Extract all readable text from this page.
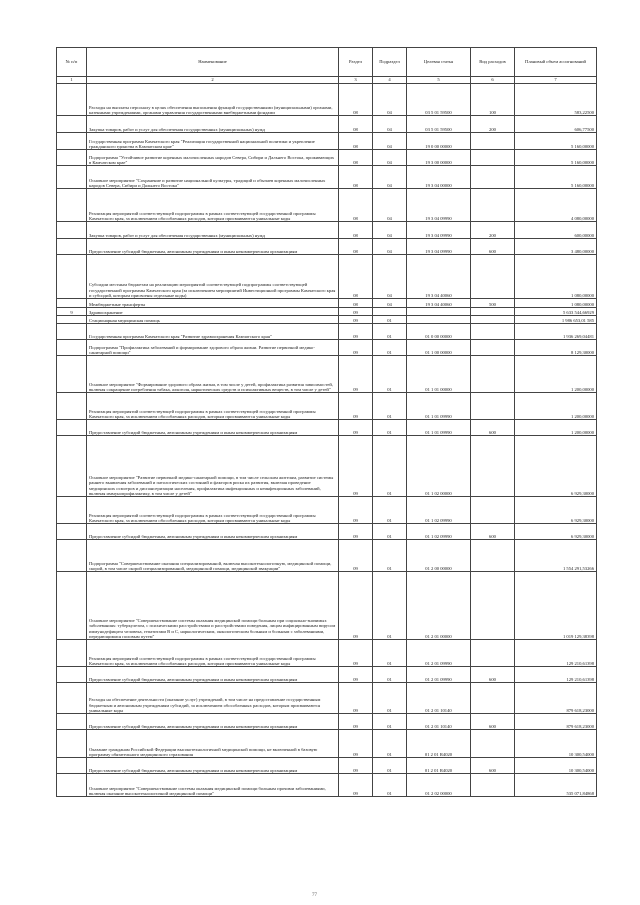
№ п/п	Наименование	Раздел	Подраздел	Целевая статья	Вид расходов	Плановый объем ассигнований
1	2	3	4	5	6	7
	Расходы на выплаты персоналу в целях обеспечения выполнения функций государственными (муниципальными) органами, казенными учреждениями, органами управления государственными внебюджетными фондами	08	04	03 5 01 59500	100	583,22500
	Закупка товаров, работ и услуг для обеспечения государственных (муниципальных) нужд	08	04	03 5 01 59500	200	606,77500
	Государственная программа Камчатского края "Реализация государственной национальной политики и укрепление гражданского единства в Камчатском крае"	08	04	19 0 00 00000		5 160,00000
	Подпрограмма "Устойчивое развитие коренных малочисленных народов Севера, Сибири и Дальнего Востока, проживающих в Камчатском крае"	08	04	19 3 00 00000		5 160,00000
	Основное мероприятие "Сохранение и развитие национальной культуры, традиций и обычаев коренных малочисленных народов Севера, Сибири и Дальнего Востока"	08	04	19 3 04 00000		5 160,00000
	Реализация мероприятий соответствующей подпрограммы в рамках соответствующей государственной программы Камчатского края, за исключением обособленных расходов, которым присваиваются уникальные коды	08	04	19 3 04 09990		4 080,00000
	Закупка товаров, работ и услуг для обеспечения государственных (муниципальных) нужд	08	04	19 3 04 09990	200	600,00000
	Предоставление субсидий бюджетным, автономным учреждениям и иным некоммерческим организациям	08	04	19 3 04 09990	600	3 480,00000
	Субсидии местным бюджетам на реализацию мероприятий соответствующей подпрограммы соответствующей государственной программы Камчатского края (за исключением мероприятий Инвестиционной программы Камчатского края и субсидий, которым присвоены отдельные коды)	08	04	19 3 04 40060		1 080,00000
	Межбюджетные трансферты	08	04	19 3 04 40060	500	1 080,00000
9	Здравоохранение	09				5 633 544,66929
	Стационарная медицинская помощь	09	01			1 986 653,01 585
	Государственная программа Камчатского края "Развитие здравоохранения Камчатского края"	09	01	01 0 00 00000		1 936 269,04481
	Подпрограмма "Профилактика заболеваний и формирование здорового образа жизни. Развитие первичной медико-санитарной помощи"	09	01	01 1 00 00000		8 129,30000
	Основное мероприятие "Формирование здорового образа жизни, в том числе у детей, профилактика развития зависимостей, включая сокращение потребления табака, алкоголя, наркотических средств и психоактивных веществ, в том числе у детей"	09	01	01 1 01 00000		1 200,00000
	Реализация мероприятий соответствующей подпрограммы в рамках соответствующей государственной программы Камчатского края, за исключением обособленных расходов, которым присваиваются уникальные коды	09	01	01 1 01 09990		1 200,00000
	Предоставление субсидий бюджетным, автономным учреждениям и иным некоммерческим организациям	09	01	01 1 01 09990	600	1 200,00000
	Основное мероприятие "Развитие первичной медико-санитарной помощи, в том числе сельским жителям, развитие системы раннего выявления заболеваний и патологических состояний и факторов риска их развития, включая проведение медицинских осмотров и диспансеризации населения, профилактика инфекционных и неинфекционных заболеваний, включая иммунопрофилактику, в том числе у детей"	09	01	01 1 02 00000		6 929,30000
	Реализация мероприятий соответствующей подпрограммы в рамках соответствующей государственной программы Камчатского края, за исключением обособленных расходов, которым присваиваются уникальные коды	09	01	01 1 02 09990		6 929,30000
	Предоставление субсидий бюджетным, автономным учреждениям и иным некоммерческим организациям	09	01	01 1 02 09990	600	6 929,30000
	Подпрограмма "Совершенствование оказания специализированной, включая высокотехнологичную, медицинской помощи, скорой, в том числе скорой специализированной, медицинской помощи, медицинской эвакуации"	09	01	01 2 00 00000		1 554 291,53266
	Основное мероприятие "Совершенствование системы оказания медицинской помощи больным при социально-значимых заболеваниях: туберкулезом, с психическими расстройствами и расстройствами поведения, лицам инфицированным вирусом иммунодефицита человека, гепатитами В и С, наркологическим, онкологическим больным и больным с заболеваниями, передающимися половым путем"	09	01	01 2 01 00000		1 019 129,38398
	Реализация мероприятий соответствующей подпрограммы в рамках соответствующей государственной программы Камчатского края, за исключением обособленных расходов, которым присваиваются уникальные коды	09	01	01 2 01 09990		129 210,61398
	Предоставление субсидий бюджетным, автономным учреждениям и иным некоммерческим организациям	09	01	01 2 01 09990	600	129 210,61398
	Расходы на обеспечение деятельности (оказание услуг) учреждений, в том числе на предоставление государственным бюджетным и автономным учреждениям субсидий, за исключением обособленных расходов, которым присваиваются уникальные коды	09	01	01 2 01 10140		879 618,23000
	Предоставление субсидий бюджетным, автономным учреждениям и иным некоммерческим организациям	09	01	01 2 01 10140	600	879 618,23000
	Оказание гражданам Российской Федерации высокотехнологичной медицинской помощи, не включенной в базовую программу обязательного медицинского страхования	09	01	01 2 01 R4020		10 300,54000
	Предоставление субсидий бюджетным, автономным учреждениям и иным некоммерческим организациям	09	01	01 2 01 R4020	600	10 300,54000
	Основное мероприятие "Совершенствование системы оказания медицинской помощи больным прочими заболеваниями, включая оказание высокотехнологичной медицинской помощи"	09	01	01 2 02 00000		535 071,84868
77
